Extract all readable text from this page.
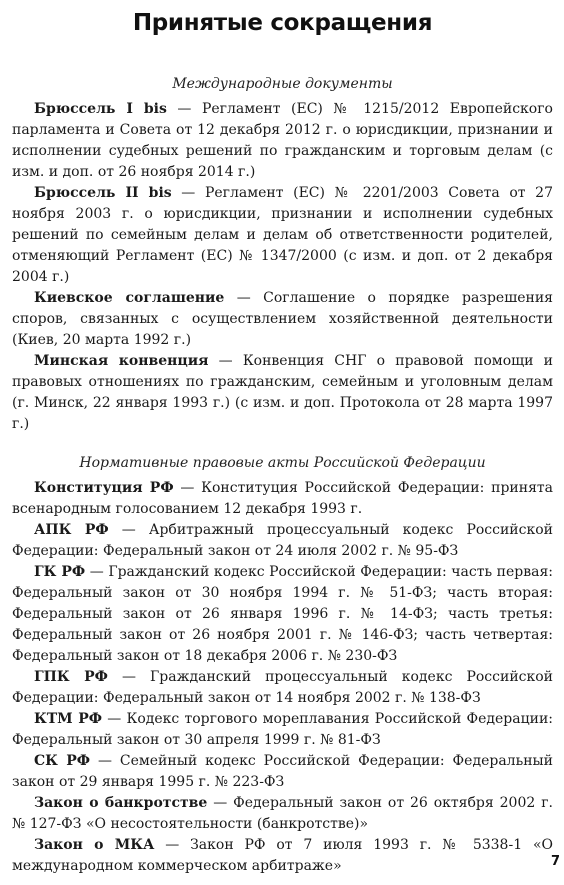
Принятые сокращения
Международные документы

Брюссель I bis — Регламент (ЕС) № 1215/2012 Европейского парламента и Совета от 12 декабря 2012 г. о юрисдикции, признании и исполнении судебных решений по гражданским и торговым делам (с изм. и доп. от 26 ноября 2014 г.)

Брюссель II bis — Регламент (ЕС) № 2201/2003 Совета от 27 ноября 2003 г. о юрисдикции, признании и исполнении судебных решений по семейным делам и делам об ответственности родителей, отменяющий Регламент (ЕС) № 1347/2000 (с изм. и доп. от 2 декабря 2004 г.)

Киевское соглашение — Соглашение о порядке разрешения споров, связанных с осуществлением хозяйственной деятельности (Киев, 20 марта 1992 г.)

Минская конвенция — Конвенция СНГ о правовой помощи и правовых отношениях по гражданским, семейным и уголовным делам (г. Минск, 22 января 1993 г.) (с изм. и доп. Протокола от 28 марта 1997 г.)

Нормативные правовые акты Российской Федерации

Конституция РФ — Конституция Российской Федерации: принята всенародным голосованием 12 декабря 1993 г.

АПК РФ — Арбитражный процессуальный кодекс Российской Федерации: Федеральный закон от 24 июля 2002 г. № 95-ФЗ

ГК РФ — Гражданский кодекс Российской Федерации: часть первая: Федеральный закон от 30 ноября 1994 г. № 51-ФЗ; часть вторая: Федеральный закон от 26 января 1996 г. № 14-ФЗ; часть третья: Федеральный закон от 26 ноября 2001 г. № 146-ФЗ; часть четвертая: Федеральный закон от 18 декабря 2006 г. № 230-ФЗ

ГПК РФ — Гражданский процессуальный кодекс Российской Федерации: Федеральный закон от 14 ноября 2002 г. № 138-ФЗ

КТМ РФ — Кодекс торгового мореплавания Российской Федерации: Федеральный закон от 30 апреля 1999 г. № 81-ФЗ

СК РФ — Семейный кодекс Российской Федерации: Федеральный закон от 29 января 1995 г. № 223-ФЗ

Закон о банкротстве — Федеральный закон от 26 октября 2002 г. № 127-ФЗ «О несостоятельности (банкротстве)»

Закон о МКА — Закон РФ от 7 июля 1993 г. № 5338-1 «О международном коммерческом арбитраже»	7
